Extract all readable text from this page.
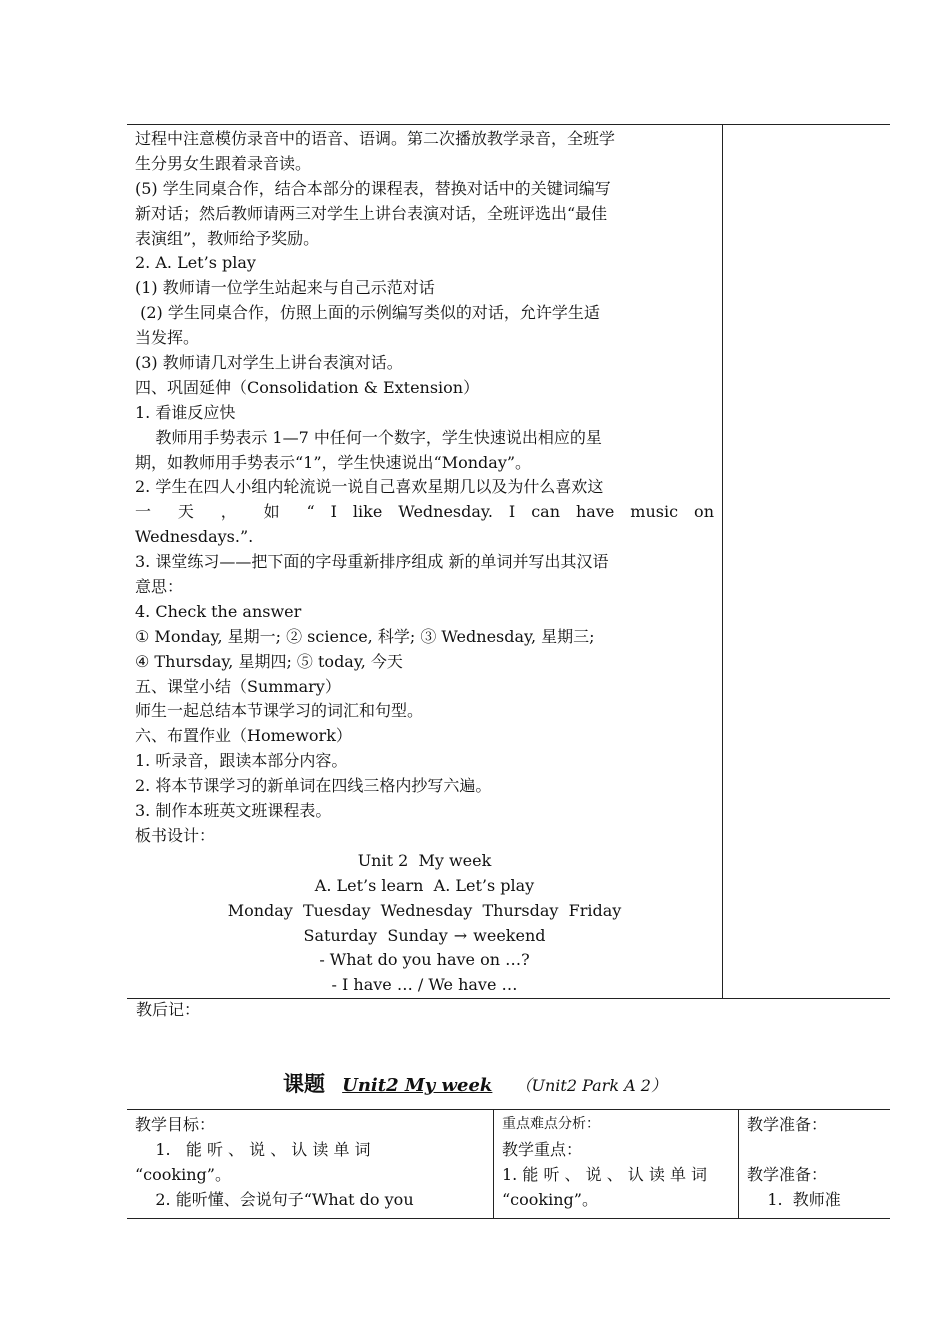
过程中注意模仿录音中的语音、语调。第二次播放教学录音，全班学
生分男女生跟着录音读。
(5) 学生同桌合作，结合本部分的课程表，替换对话中的关键词编写
新对话；然后教师请两三对学生上讲台表演对话，全班评选出“最佳
表演组”，教师给予奖励。
2. A. Let’s play
(1) 教师请一位学生站起来与自己示范对话
(2) 学生同桌合作，仿照上面的示例编写类似的对话，允许学生适
当发挥。
(3) 教师请几对学生上讲台表演对话。
四、巩固延伸（Consolidation & Extension）
1. 看谁反应快
教师用手势表示 1—7 中任何一个数字，学生快速说出相应的星
期，如教师用手势表示“1”，学生快速说出“Monday”。
2. 学生在四人小组内轮流说一说自己喜欢星期几以及为什么喜欢这
一 天 ， 如 “ I like Wednesday. I can have music on
Wednesdays.”.
3. 课堂练习——把下面的字母重新排序组成 新的单词并写出其汉语
意思：
4. Check the answer
① Monday, 星期一; ② science, 科学; ③ Wednesday, 星期三;
④ Thursday, 星期四; ⑤ today, 今天
五、课堂小结（Summary）
师生一起总结本节课学习的词汇和句型。
六、布置作业（Homework）
1. 听录音，跟读本部分内容。
2. 将本节课学习的新单词在四线三格内抄写六遍。
3. 制作本班英文班课程表。
板书设计：
Unit 2  My week
A. Let’s learn  A. Let’s play
Monday  Tuesday  Wednesday  Thursday  Friday
Saturday  Sunday → weekend
- What do you have on …?
- I have … / We have …

教后记：
课题 Unit2 My week （Unit2 Park A 2）
教学目标：
1.   能 听 、 说 、 认 读 单 词
“cooking”。
2. 能听懂、会说句子“What do you

重点难点分析：
教学重点：
1. 能 听 、 说 、 认 读 单 词
“cooking”。

教学准备：
教学准备：
1.  教师准
